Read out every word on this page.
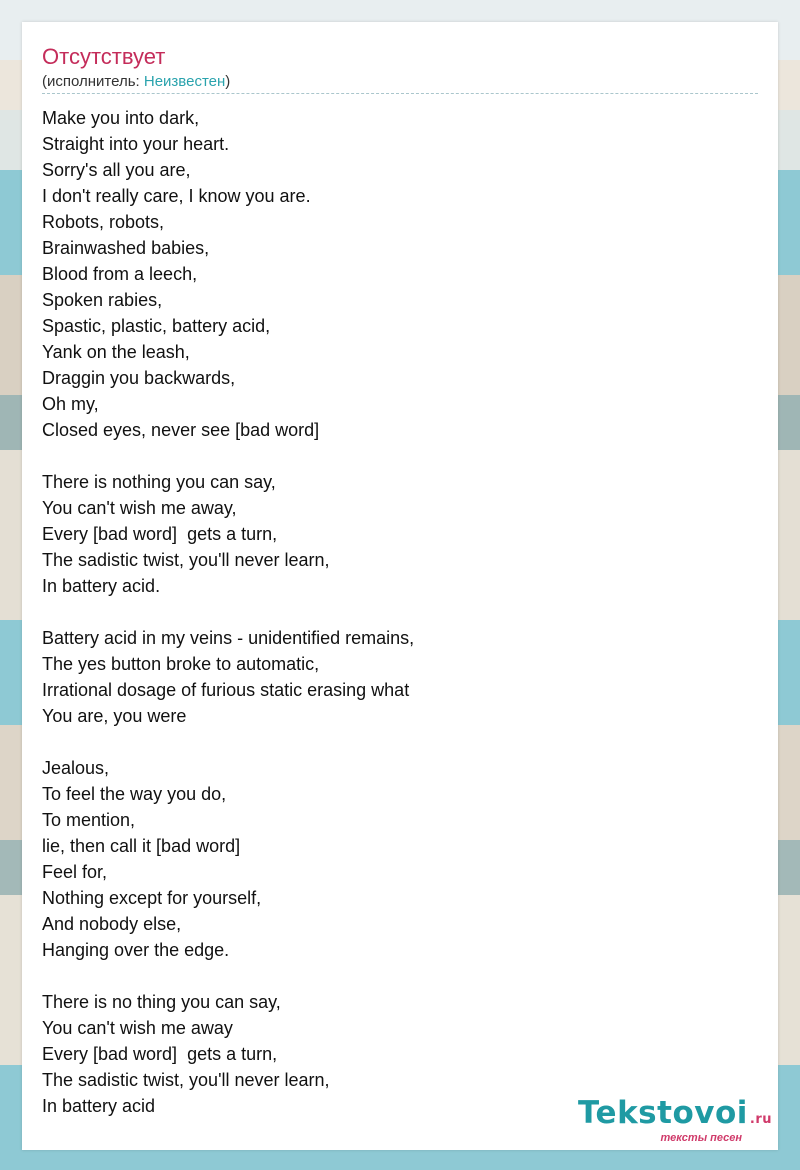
Отсутствует
(исполнитель: Неизвестен)
Make you into dark,
Straight into your heart.
Sorry's all you are,
I don't really care, I know you are.
Robots, robots,
Brainwashed babies,
Blood from a leech,
Spoken rabies,
Spastic, plastic, battery acid,
Yank on the leash,
Draggin you backwards,
Oh my,
Closed eyes, never see [bad word]

There is nothing you can say,
You can't wish me away,
Every [bad word]  gets a turn,
The sadistic twist, you'll never learn,
In battery acid.

Battery acid in my veins - unidentified remains,
The yes button broke to automatic,
Irrational dosage of furious static erasing what
You are, you were

Jealous,
To feel the way you do,
To mention,
lie, then call it [bad word]
Feel for,
Nothing except for yourself,
And nobody else,
Hanging over the edge.

There is no thing you can say,
You can't wish me away
Every [bad word]  gets a turn,
The sadistic twist, you'll never learn,
In battery acid	Tekstovoi .ru
тексты песен
